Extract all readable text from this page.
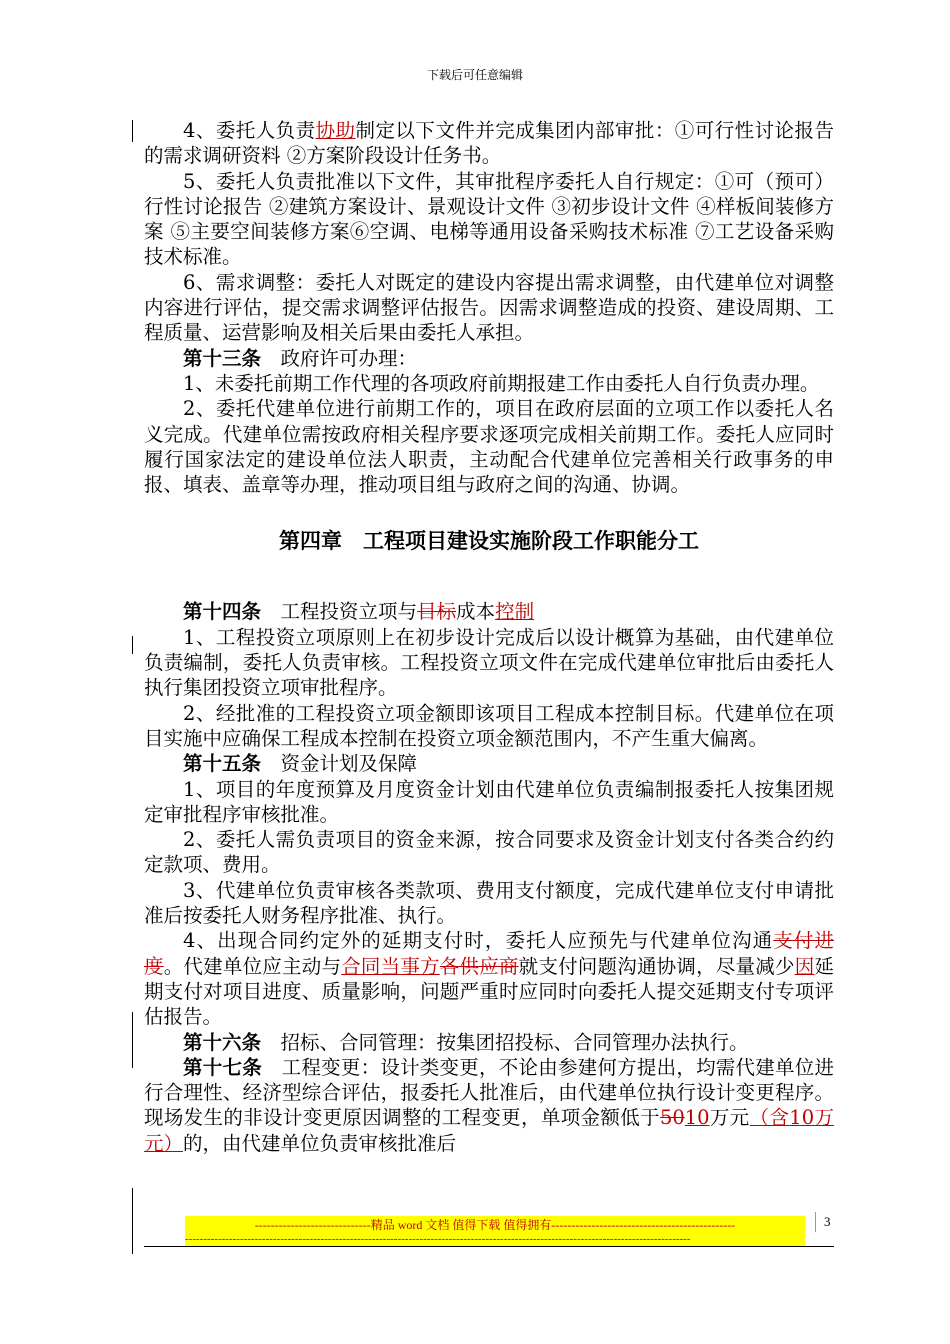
下载后可任意编辑

4、委托人负责协助制定以下文件并完成集团内部审批：①可行性讨论报告的需求调研资料 ②方案阶段设计任务书。

5、委托人负责批准以下文件，其审批程序委托人自行规定：①可（预可）行性讨论报告 ②建筑方案设计、景观设计文件 ③初步设计文件 ④样板间装修方案 ⑤主要空间装修方案⑥空调、电梯等通用设备采购技术标准 ⑦工艺设备采购技术标准。

6、需求调整：委托人对既定的建设内容提出需求调整，由代建单位对调整内容进行评估，提交需求调整评估报告。因需求调整造成的投资、建设周期、工程质量、运营影响及相关后果由委托人承担。

第十三条　政府许可办理：

1、未委托前期工作代理的各项政府前期报建工作由委托人自行负责办理。

2、委托代建单位进行前期工作的，项目在政府层面的立项工作以委托人名义完成。代建单位需按政府相关程序要求逐项完成相关前期工作。委托人应同时履行国家法定的建设单位法人职责，主动配合代建单位完善相关行政事务的申报、填表、盖章等办理，推动项目组与政府之间的沟通、协调。

第四章　工程项目建设实施阶段工作职能分工

第十四条　工程投资立项与目标成本控制

1、工程投资立项原则上在初步设计完成后以设计概算为基础，由代建单位负责编制，委托人负责审核。工程投资立项文件在完成代建单位审批后由委托人执行集团投资立项审批程序。

2、经批准的工程投资立项金额即该项目工程成本控制目标。代建单位在项目实施中应确保工程成本控制在投资立项金额范围内，不产生重大偏离。

第十五条　资金计划及保障

1、项目的年度预算及月度资金计划由代建单位负责编制报委托人按集团规定审批程序审核批准。

2、委托人需负责项目的资金来源，按合同要求及资金计划支付各类合约约定款项、费用。

3、代建单位负责审核各类款项、费用支付额度，完成代建单位支付申请批准后按委托人财务程序批准、执行。

4、出现合同约定外的延期支付时，委托人应预先与代建单位沟通支付进度。代建单位应主动与合同当事方各供应商就支付问题沟通协调，尽量减少因延期支付对项目进度、质量影响，问题严重时应同时向委托人提交延期支付专项评估报告。

第十六条　招标、合同管理：按集团招投标、合同管理办法执行。

第十七条　工程变更：设计类变更，不论由参建何方提出，均需代建单位进行合理性、经济型综合评估，报委托人批准后，由代建单位执行设计变更程序。现场发生的非设计变更原因调整的工程变更，单项金额低于5010万元（含10万元）的，由代建单位负责审核批准后

-----------------------------精品 word 文档 值得下载 值得拥有----------------------------------------------
------------------------------------------------------------------------------------------------------------------------------------------
3
